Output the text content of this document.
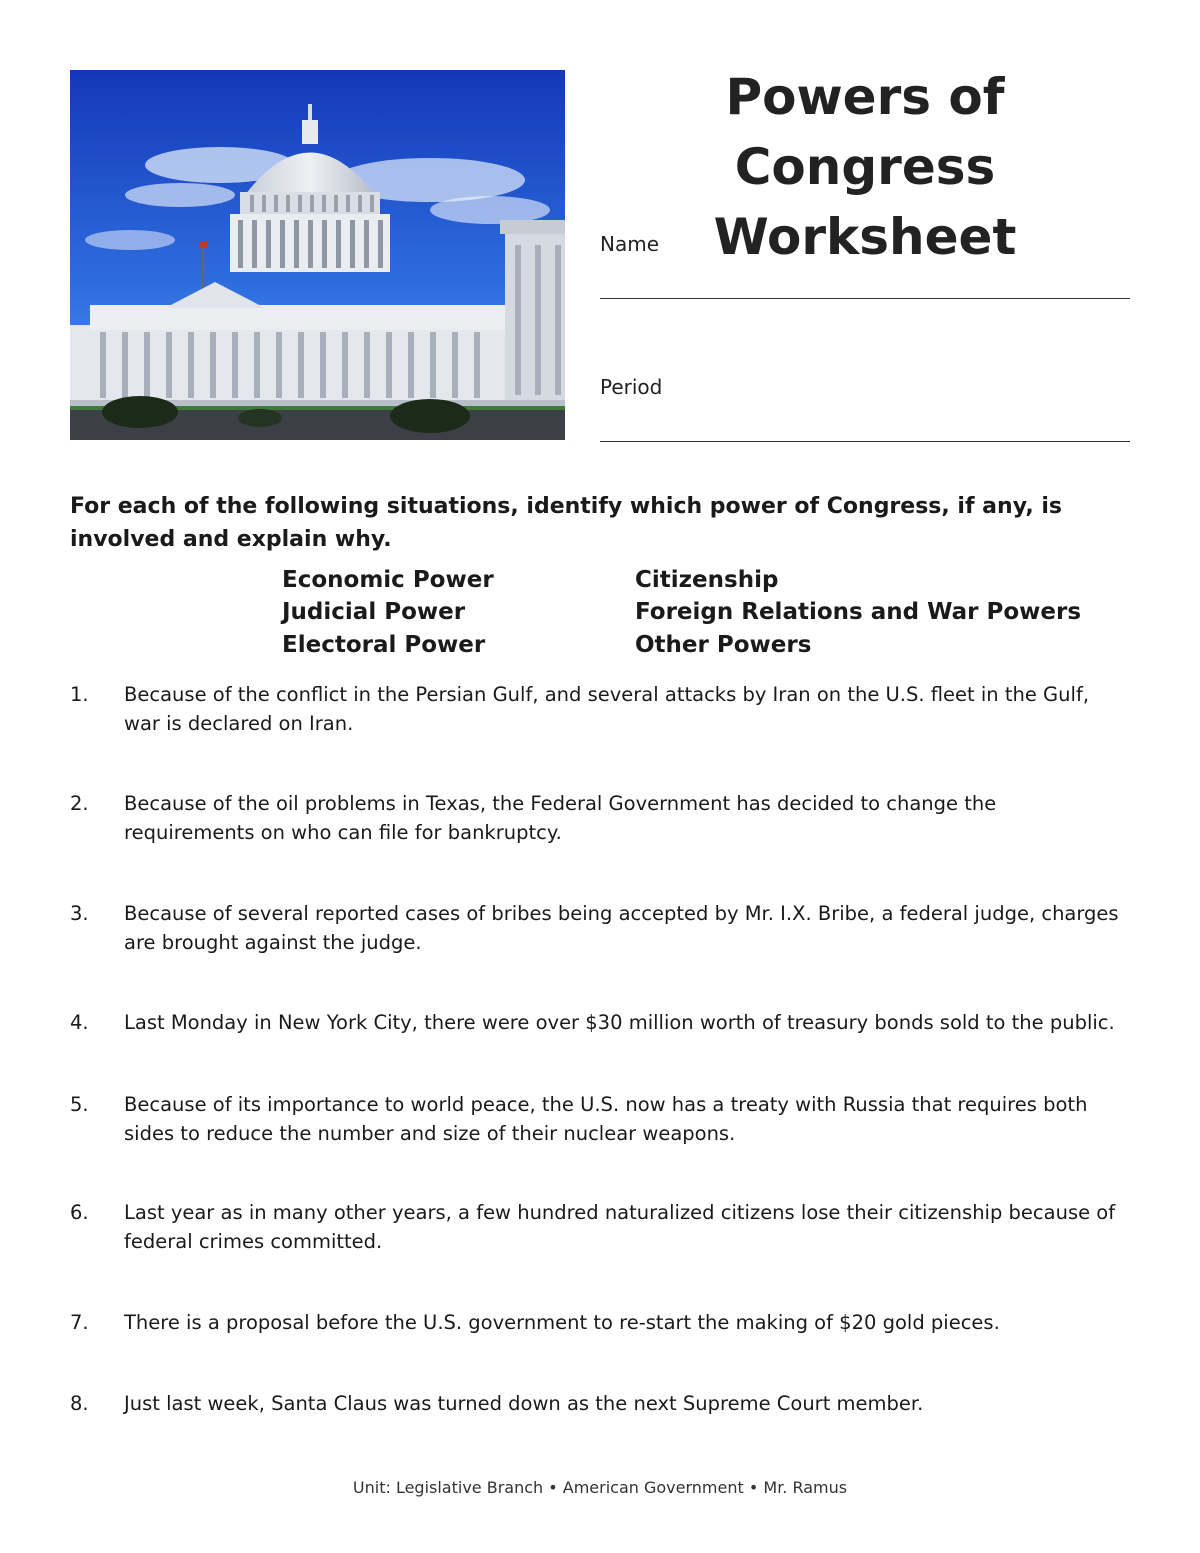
Powers of Congress
Worksheet
Name
Period

For each of the following situations, identify which power of Congress, if any, is involved and explain why.

Economic Power
Judicial Power
Electoral Power
Citizenship
Foreign Relations and War Powers
Other Powers
1.	Because of the conflict in the Persian Gulf, and several attacks by Iran on the U.S. fleet in the Gulf, war is declared on Iran.
2.	Because of the oil problems in Texas, the Federal Government has decided to change the requirements on who can file for bankruptcy.
3.	Because of several reported cases of bribes being accepted by Mr. I.X. Bribe, a federal judge, charges are brought against the judge.
4.	Last Monday in New York City, there were over $30 million worth of treasury bonds sold to the public.
5.	Because of its importance to world peace, the U.S. now has a treaty with Russia that requires both sides to reduce the number and size of their nuclear weapons.
6.	Last year as in many other years, a few hundred naturalized citizens lose their citizenship because of federal crimes committed.
7.	There is a proposal before the U.S. government to re-start the making of $20 gold pieces.
8.	Just last week, Santa Claus was turned down as the next Supreme Court member.
Unit: Legislative Branch • American Government • Mr. Ramus
